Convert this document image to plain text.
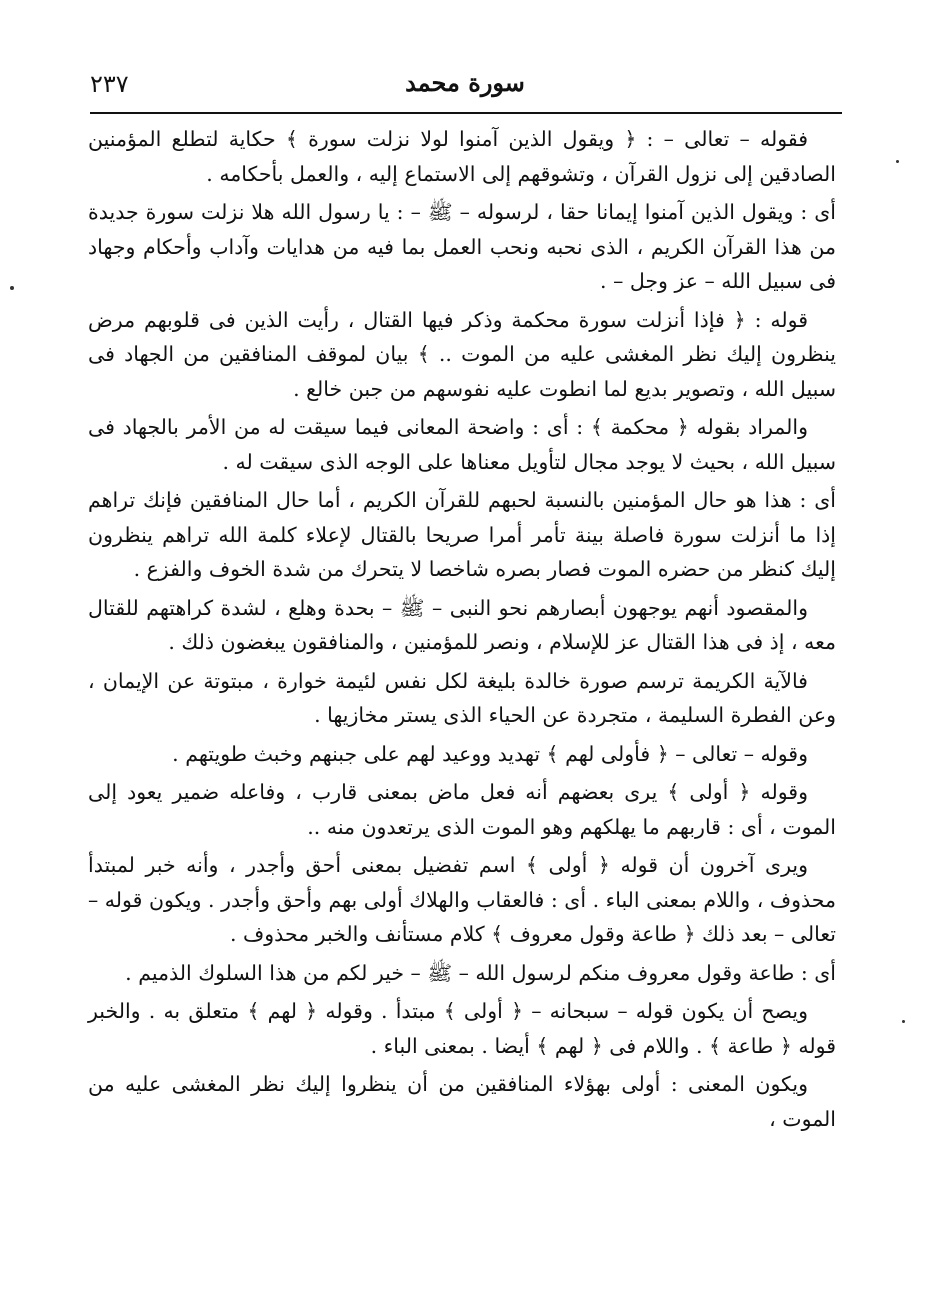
٢٣٧	سورة محمد

فقوله – تعالى – : ﴿ ويقول الذين آمنوا لولا نزلت سورة ﴾ حكاية لتطلع المؤمنين الصادقين إلى نزول القرآن ، وتشوقهم إلى الاستماع إليه ، والعمل بأحكامه .

أى : ويقول الذين آمنوا إيمانا حقا ، لرسوله – ﷺ – : يا رسول الله هلا نزلت سورة جديدة من هذا القرآن الكريم ، الذى نحبه ونحب العمل بما فيه من هدايات وآداب وأحكام وجهاد فى سبيل الله – عز وجل – .

قوله : ﴿ فإذا أنزلت سورة محكمة وذكر فيها القتال ، رأيت الذين فى قلوبهم مرض ينظرون إليك نظر المغشى عليه من الموت .. ﴾ بيان لموقف المنافقين من الجهاد فى سبيل الله ، وتصوير بديع لما انطوت عليه نفوسهم من جبن خالع .

والمراد بقوله ﴿ محكمة ﴾ : أى : واضحة المعانى فيما سيقت له من الأمر بالجهاد فى سبيل الله ، بحيث لا يوجد مجال لتأويل معناها على الوجه الذى سيقت له .

أى : هذا هو حال المؤمنين بالنسبة لحبهم للقرآن الكريم ، أما حال المنافقين فإنك تراهم إذا ما أنزلت سورة فاصلة بينة تأمر أمرا صريحا بالقتال لإعلاء كلمة الله تراهم ينظرون إليك كنظر من حضره الموت فصار بصره شاخصا لا يتحرك من شدة الخوف والفزع .

والمقصود أنهم يوجهون أبصارهم نحو النبى – ﷺ – بحدة وهلع ، لشدة كراهتهم للقتال معه ، إذ فى هذا القتال عز للإسلام ، ونصر للمؤمنين ، والمنافقون يبغضون ذلك .

فالآية الكريمة ترسم صورة خالدة بليغة لكل نفس لئيمة خوارة ، مبتوتة عن الإيمان ، وعن الفطرة السليمة ، متجردة عن الحياء الذى يستر مخازيها .

وقوله – تعالى – ﴿ فأولى لهم ﴾ تهديد ووعيد لهم على جبنهم وخبث طويتهم .

وقوله ﴿ أولى ﴾ يرى بعضهم أنه فعل ماض بمعنى قارب ، وفاعله ضمير يعود إلى الموت ، أى : قاربهم ما يهلكهم وهو الموت الذى يرتعدون منه ..

ويرى آخرون أن قوله ﴿ أولى ﴾ اسم تفضيل بمعنى أحق وأجدر ، وأنه خبر لمبتدأ محذوف ، واللام بمعنى الباء . أى : فالعقاب والهلاك أولى بهم وأحق وأجدر . ويكون قوله – تعالى – بعد ذلك ﴿ طاعة وقول معروف ﴾ كلام مستأنف والخبر محذوف .

أى : طاعة وقول معروف منكم لرسول الله – ﷺ – خير لكم من هذا السلوك الذميم .

ويصح أن يكون قوله – سبحانه – ﴿ أولى ﴾ مبتدأ . وقوله ﴿ لهم ﴾ متعلق به . والخبر قوله ﴿ طاعة ﴾ . واللام فى ﴿ لهم ﴾ أيضا . بمعنى الباء .

ويكون المعنى : أولى بهؤلاء المنافقين من أن ينظروا إليك نظر المغشى عليه من الموت ،
